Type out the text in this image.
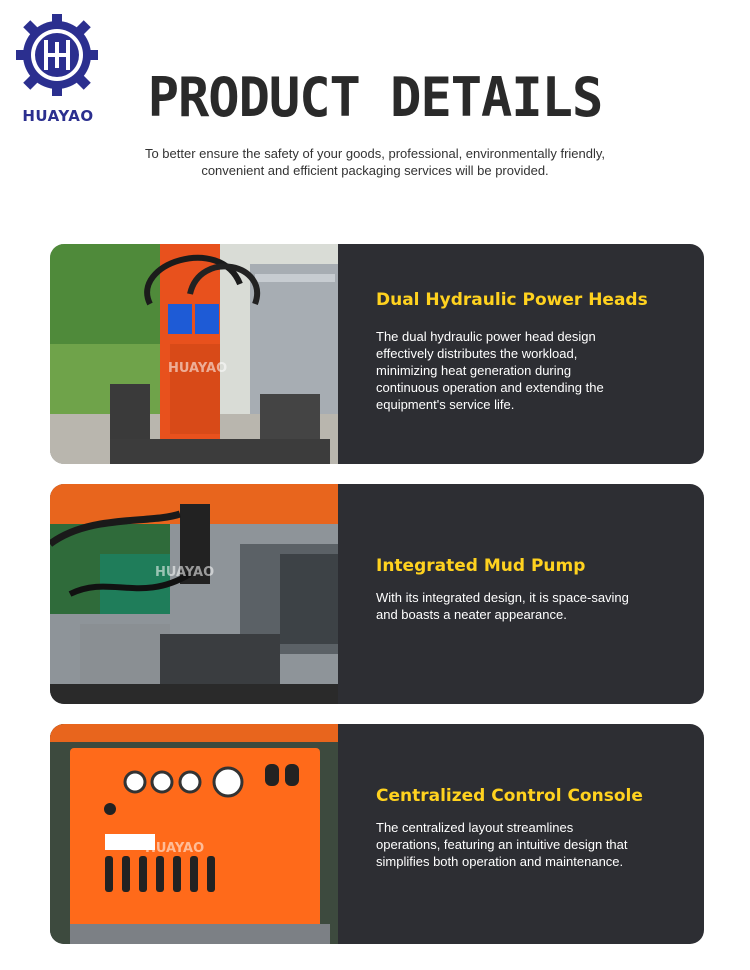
HUAYAO	PRODUCT DETAILS
To better ensure the safety of your goods, professional, environmentally friendly,
convenient and efficient packaging services will be provided.
HUAYAO
Dual Hydraulic Power Heads
The dual hydraulic power head design effectively distributes the workload, minimizing heat generation during continuous operation and extending the equipment's service life.
HUAYAO	Integrated Mud Pump
With its integrated design, it is space-saving and boasts a neater appearance.
HUAYAO
Centralized Control Console
The centralized layout streamlines operations, featuring an intuitive design that simplifies both operation and maintenance.
